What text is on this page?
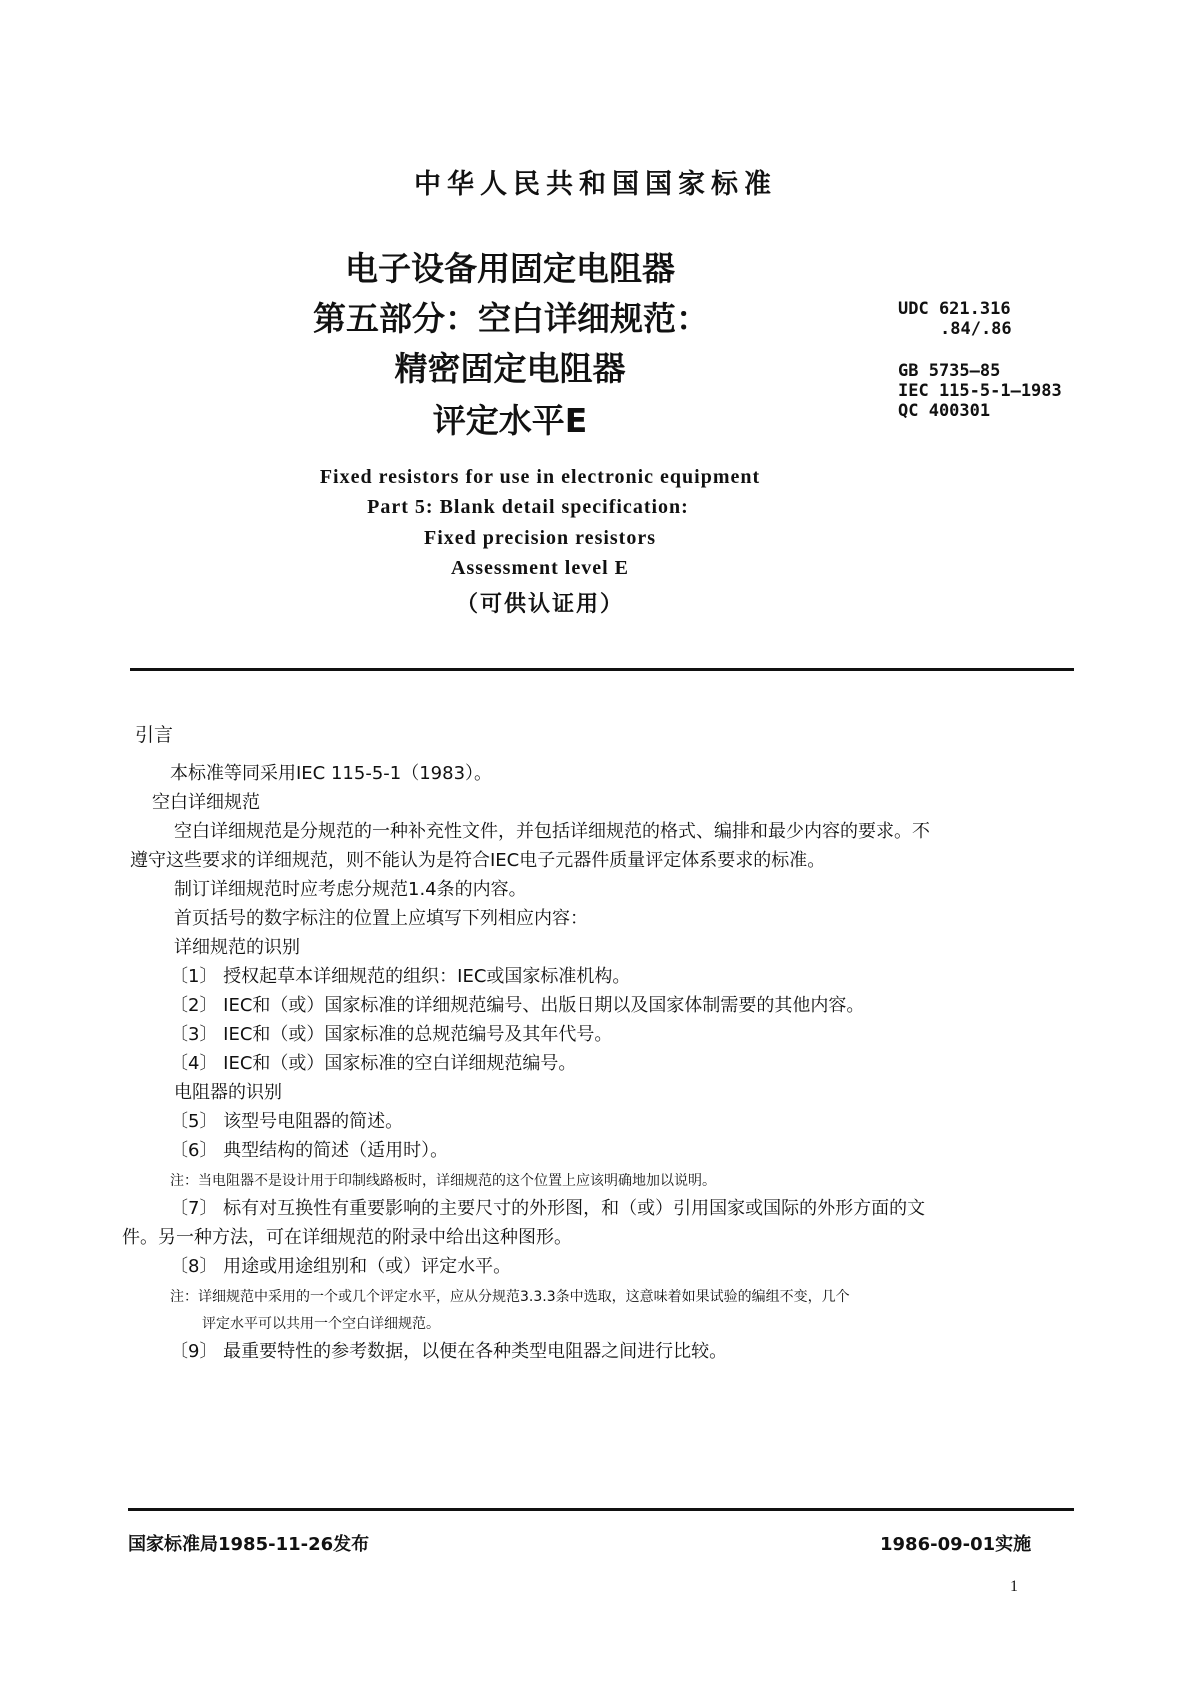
中华人民共和国国家标准
电子设备用固定电阻器
第五部分：空白详细规范：
精密固定电阻器
评定水平E
UDC 621.316
.84/.86
GB 5735—85
IEC 115-5-1—1983
QC 400301
Fixed resistors for use in electronic equipment
Part 5: Blank detail specification:
Fixed precision resistors
Assessment level E
（可供认证用）
引言
本标准等同采用IEC 115-5-1（1983）。
空白详细规范
空白详细规范是分规范的一种补充性文件，并包括详细规范的格式、编排和最少内容的要求。不
遵守这些要求的详细规范，则不能认为是符合IEC电子元器件质量评定体系要求的标准。
制订详细规范时应考虑分规范1.4条的内容。
首页括号的数字标注的位置上应填写下列相应内容：
详细规范的识别
〔1〕 授权起草本详细规范的组织：IEC或国家标准机构。
〔2〕 IEC和（或）国家标准的详细规范编号、出版日期以及国家体制需要的其他内容。
〔3〕 IEC和（或）国家标准的总规范编号及其年代号。
〔4〕 IEC和（或）国家标准的空白详细规范编号。
电阻器的识别
〔5〕 该型号电阻器的简述。
〔6〕 典型结构的简述（适用时）。
注：当电阻器不是设计用于印制线路板时，详细规范的这个位置上应该明确地加以说明。
〔7〕 标有对互换性有重要影响的主要尺寸的外形图，和（或）引用国家或国际的外形方面的文
件。另一种方法，可在详细规范的附录中给出这种图形。
〔8〕 用途或用途组别和（或）评定水平。
注：详细规范中采用的一个或几个评定水平，应从分规范3.3.3条中选取，这意味着如果试验的编组不变，几个
评定水平可以共用一个空白详细规范。
〔9〕 最重要特性的参考数据，以便在各种类型电阻器之间进行比较。
国家标准局1985-11-26发布	1986-09-01实施
1
